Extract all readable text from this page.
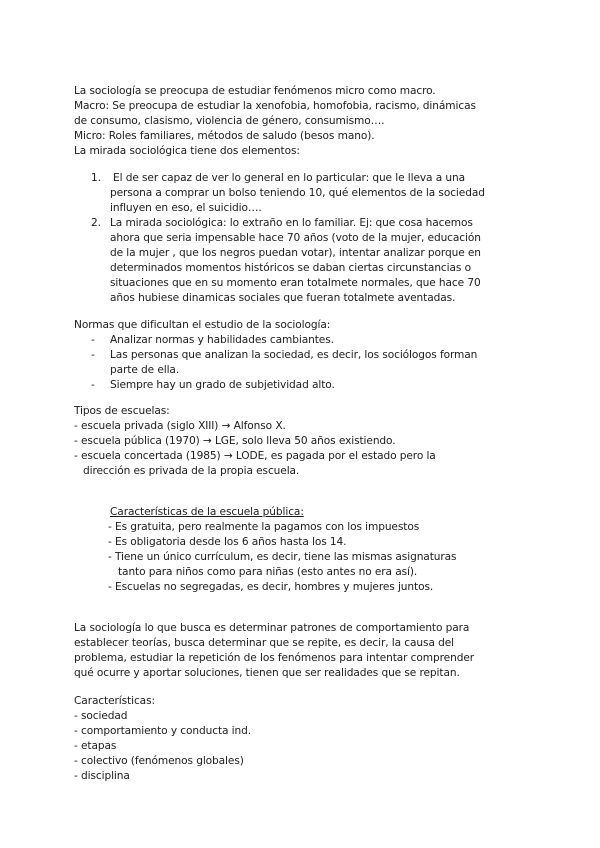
La sociología se preocupa de estudiar fenómenos micro como macro.
Macro: Se preocupa de estudiar la xenofobia, homofobia, racismo, dinámicas
de consumo, clasismo, violencia de género, consumismo….
Micro: Roles familiares, métodos de saludo (besos mano).
La mirada sociológica tiene dos elementos:
1. El de ser capaz de ver lo general en lo particular: que le lleva a una
persona a comprar un bolso teniendo 10, qué elementos de la sociedad
influyen en eso, el suicidio….
2. La mirada sociológica: lo extraño en lo familiar. Ej: que cosa hacemos
ahora que seria impensable hace 70 años (voto de la mujer, educación
de la mujer , que los negros puedan votar), intentar analizar porque en
determinados momentos históricos se daban ciertas circunstancias o
situaciones que en su momento eran totalmete normales, que hace 70
años hubiese dinamicas sociales que fueran totalmete aventadas.
Normas que dificultan el estudio de la sociología:
- Analizar normas y habilidades cambiantes.
- Las personas que analizan la sociedad, es decir, los sociólogos forman
parte de ella.
- Siempre hay un grado de subjetividad alto.
Tipos de escuelas:
- escuela privada (siglo XIII) → Alfonso X.
- escuela pública (1970) → LGE, solo lleva 50 años existiendo.
- escuela concertada (1985) → LODE, es pagada por el estado pero la
dirección es privada de la propia escuela.
Características de la escuela pública:
- Es gratuita, pero realmente la pagamos con los impuestos
- Es obligatoria desde los 6 años hasta los 14.
- Tiene un único currículum, es decir, tiene las mismas asignaturas
tanto para niños como para niñas (esto antes no era así).
- Escuelas no segregadas, es decir, hombres y mujeres juntos.
La sociología lo que busca es determinar patrones de comportamiento para
establecer teorías, busca determinar que se repite, es decir, la causa del
problema, estudiar la repetición de los fenómenos para intentar comprender
qué ocurre y aportar soluciones, tienen que ser realidades que se repitan.
Características:
- sociedad
- comportamiento y conducta ind.
- etapas
- colectivo (fenómenos globales)
- disciplina
